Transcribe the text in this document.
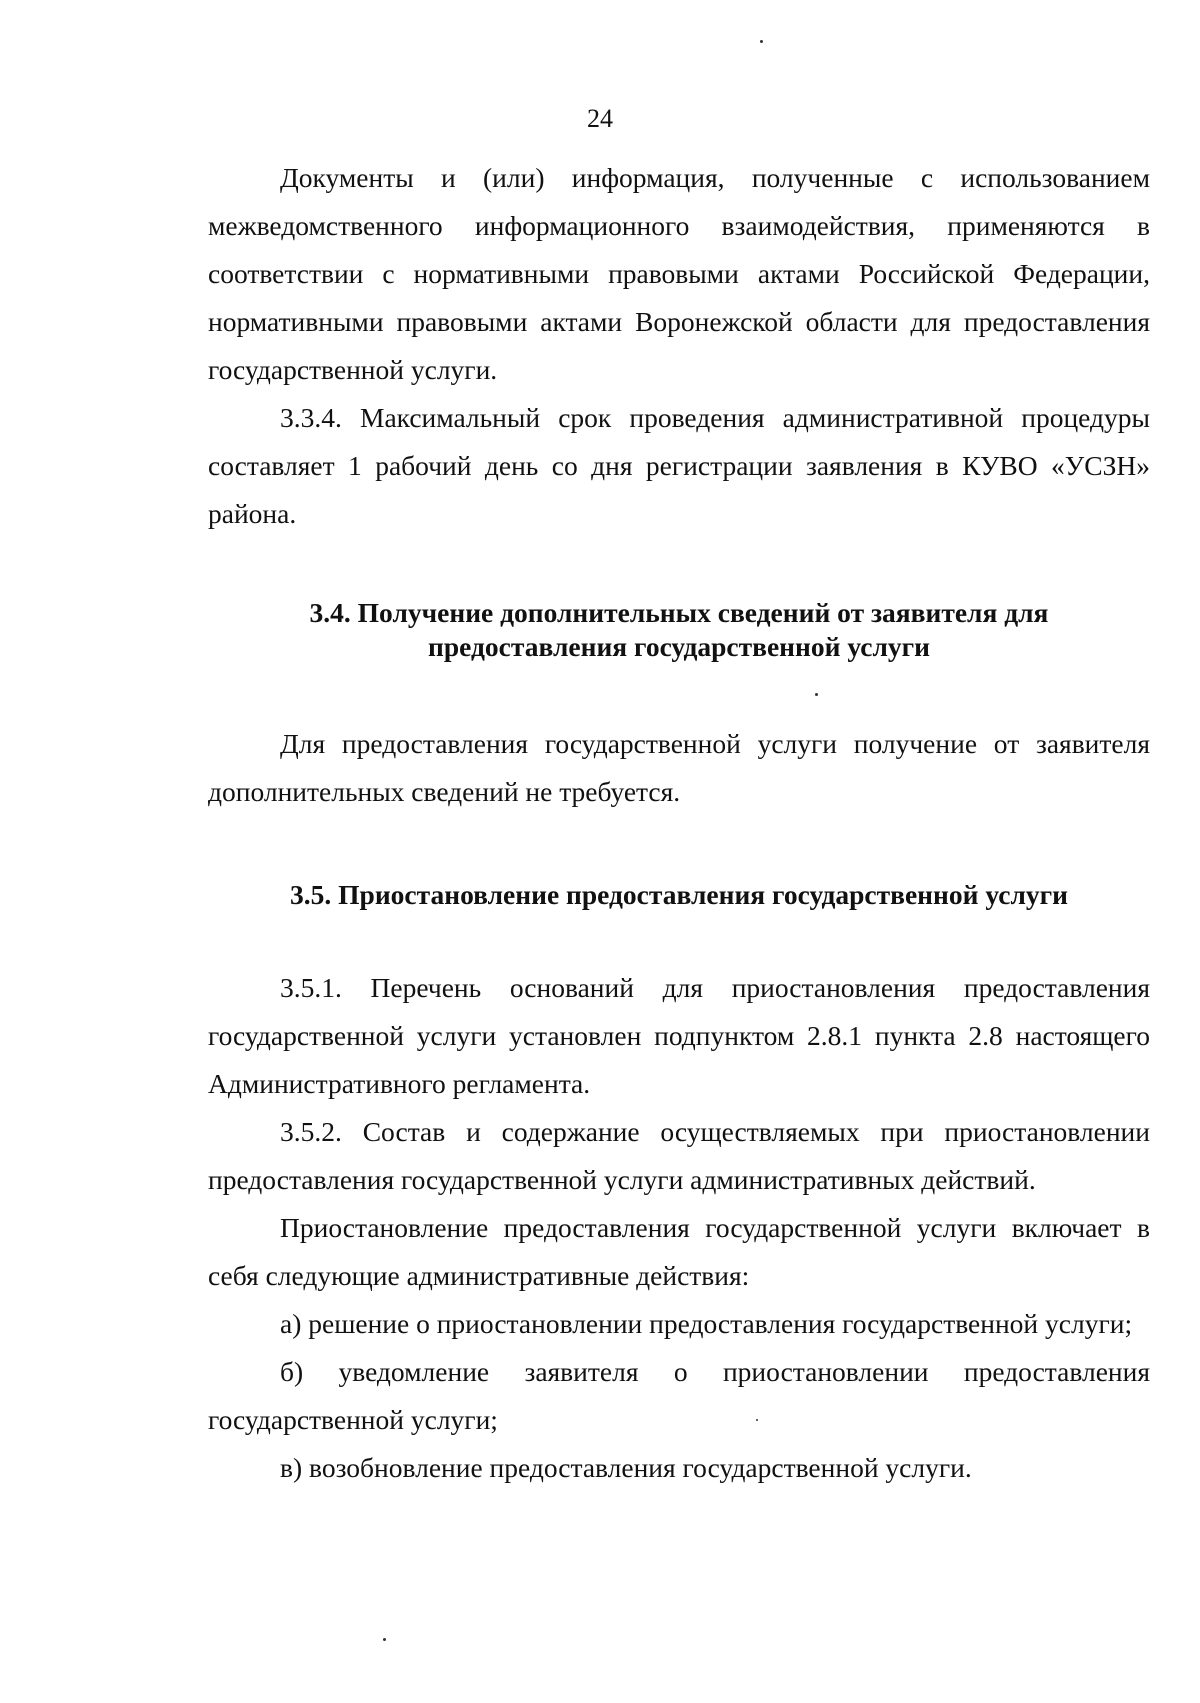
24

Документы и (или) информация, полученные с использованием межведомственного информационного взаимодействия, применяются в соответствии с нормативными правовыми актами Российской Федерации, нормативными правовыми актами Воронежской области для предоставления государственной услуги.

3.3.4. Максимальный срок проведения административной процедуры составляет 1 рабочий день со дня регистрации заявления в КУВО «УСЗН» района.

3.4. Получение дополнительных сведений от заявителя для

предоставления государственной услуги

Для предоставления государственной услуги получение от заявителя дополнительных сведений не требуется.

3.5. Приостановление предоставления государственной услуги

3.5.1. Перечень оснований для приостановления предоставления государственной услуги установлен подпунктом 2.8.1 пункта 2.8 настоящего Административного регламента.

3.5.2. Состав и содержание осуществляемых при приостановлении предоставления государственной услуги административных действий.

Приостановление предоставления государственной услуги включает в себя следующие административные действия:

а) решение о приостановлении предоставления государственной услуги;

б) уведомление заявителя о приостановлении предоставления государственной услуги;

в) возобновление предоставления государственной услуги.
